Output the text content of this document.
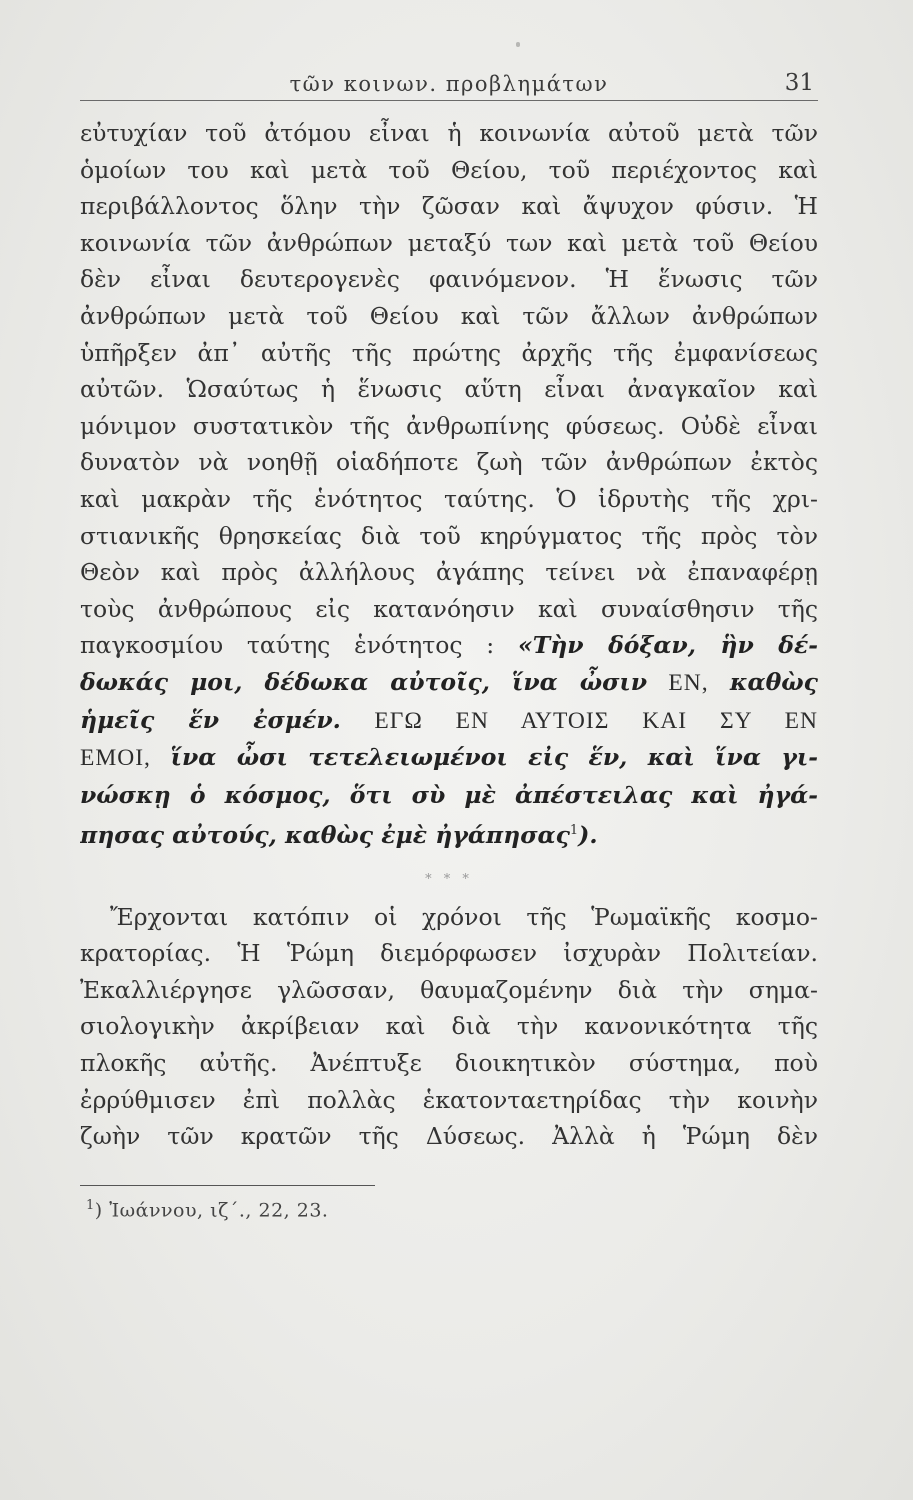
τῶν κοινων. προβλημάτων	31

εὐτυχίαν τοῦ ἀτόμου εἶναι ἡ κοινωνία αὐτοῦ μετὰ τῶν
ὁμοίων του καὶ μετὰ τοῦ Θείου, τοῦ περιέχοντος καὶ
περιβάλλοντος ὅλην τὴν ζῶσαν καὶ ἄψυχον φύσιν. Ἡ
κοινωνία τῶν ἀνθρώπων μεταξύ των καὶ μετὰ τοῦ Θείου
δὲν εἶναι δευτερογενὲς φαινόμενον. Ἡ ἕνωσις τῶν
ἀνθρώπων μετὰ τοῦ Θείου καὶ τῶν ἄλλων ἀνθρώπων
ὑπῆρξεν ἀπ᾽ αὐτῆς τῆς πρώτης ἀρχῆς τῆς ἐμφανίσεως
αὐτῶν. Ὡσαύτως ἡ ἕνωσις αὕτη εἶναι ἀναγκαῖον καὶ
μόνιμον συστατικὸν τῆς ἀνθρωπίνης φύσεως. Οὐδὲ εἶναι
δυνατὸν νὰ νοηθῇ οἱαδήποτε ζωὴ τῶν ἀνθρώπων ἐκτὸς
καὶ μακρὰν τῆς ἑνότητος ταύτης. Ὁ ἱδρυτὴς τῆς χρι-
στιανικῆς θρησκείας διὰ τοῦ κηρύγματος τῆς πρὸς τὸν
Θεὸν καὶ πρὸς ἀλλήλους ἀγάπης τείνει νὰ ἐπαναφέρῃ
τοὺς ἀνθρώπους εἰς κατανόησιν καὶ συναίσθησιν τῆς
παγκοσμίου ταύτης ἑνότητος : «Τὴν δόξαν, ἣν δέ-
δωκάς μοι, δέδωκα αὐτοῖς, ἵνα ὦσιν ΕΝ, καθὼς
ἡμεῖς ἕν ἐσμέν. ΕΓΩ ΕΝ ΑΥΤΟΙΣ ΚΑΙ ΣΥ ΕΝ
ΕΜΟΙ, ἵνα ὦσι τετελειωμένοι εἰς ἕν, καὶ ἵνα γι-
νώσκῃ ὁ κόσμος, ὅτι σὺ μὲ ἀπέστειλας καὶ ἠγά-
πησας αὐτούς, καθὼς ἐμὲ ἠγάπησας$^1$).

* * *

Ἔρχονται κατόπιν οἱ χρόνοι τῆς Ῥωμαϊκῆς κοσμο-
κρατορίας. Ἡ Ῥώμη διεμόρφωσεν ἰσχυρὰν Πολιτείαν.
Ἐκαλλιέργησε γλῶσσαν, θαυμαζομένην διὰ τὴν σημα-
σιολογικὴν ἀκρίβειαν καὶ διὰ τὴν κανονικότητα τῆς
πλοκῆς αὐτῆς. Ἀνέπτυξε διοικητικὸν σύστημα, ποὺ
ἐρρύθμισεν ἐπὶ πολλὰς ἑκατονταετηρίδας τὴν κοινὴν
ζωὴν τῶν κρατῶν τῆς Δύσεως. Ἀλλὰ ἡ Ῥώμη δὲν

$^1$) Ἰωάννου, ιζ΄., 22, 23.
